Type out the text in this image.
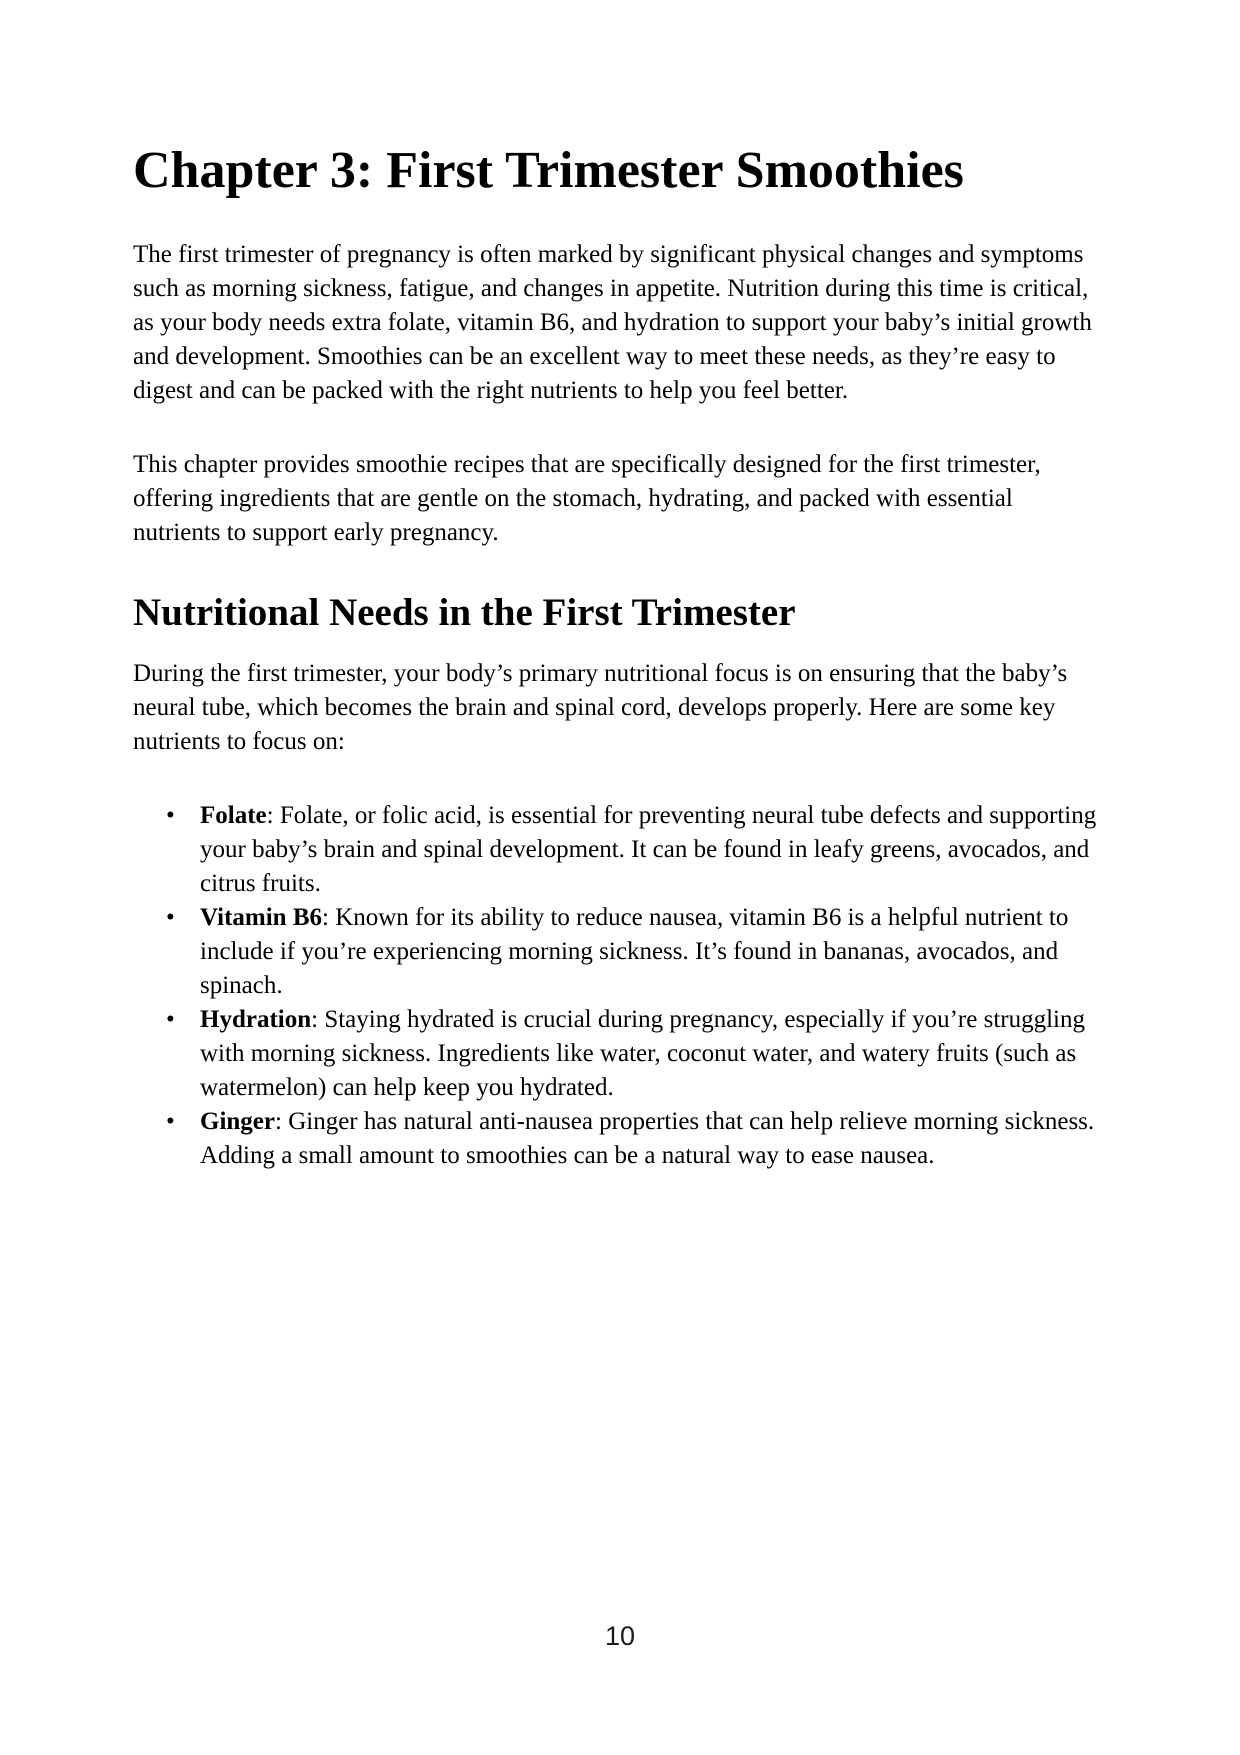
Chapter 3: First Trimester Smoothies

The first trimester of pregnancy is often marked by significant physical changes and symptoms such as morning sickness, fatigue, and changes in appetite. Nutrition during this time is critical, as your body needs extra folate, vitamin B6, and hydration to support your baby’s initial growth and development. Smoothies can be an excellent way to meet these needs, as they’re easy to digest and can be packed with the right nutrients to help you feel better.

This chapter provides smoothie recipes that are specifically designed for the first trimester, offering ingredients that are gentle on the stomach, hydrating, and packed with essential nutrients to support early pregnancy.

Nutritional Needs in the First Trimester

During the first trimester, your body’s primary nutritional focus is on ensuring that the baby’s neural tube, which becomes the brain and spinal cord, develops properly. Here are some key nutrients to focus on:

• Folate: Folate, or folic acid, is essential for preventing neural tube defects and supporting your baby’s brain and spinal development. It can be found in leafy greens, avocados, and citrus fruits.
• Vitamin B6: Known for its ability to reduce nausea, vitamin B6 is a helpful nutrient to include if you’re experiencing morning sickness. It’s found in bananas, avocados, and spinach.
• Hydration: Staying hydrated is crucial during pregnancy, especially if you’re struggling with morning sickness. Ingredients like water, coconut water, and watery fruits (such as watermelon) can help keep you hydrated.
• Ginger: Ginger has natural anti-nausea properties that can help relieve morning sickness. Adding a small amount to smoothies can be a natural way to ease nausea.
10
